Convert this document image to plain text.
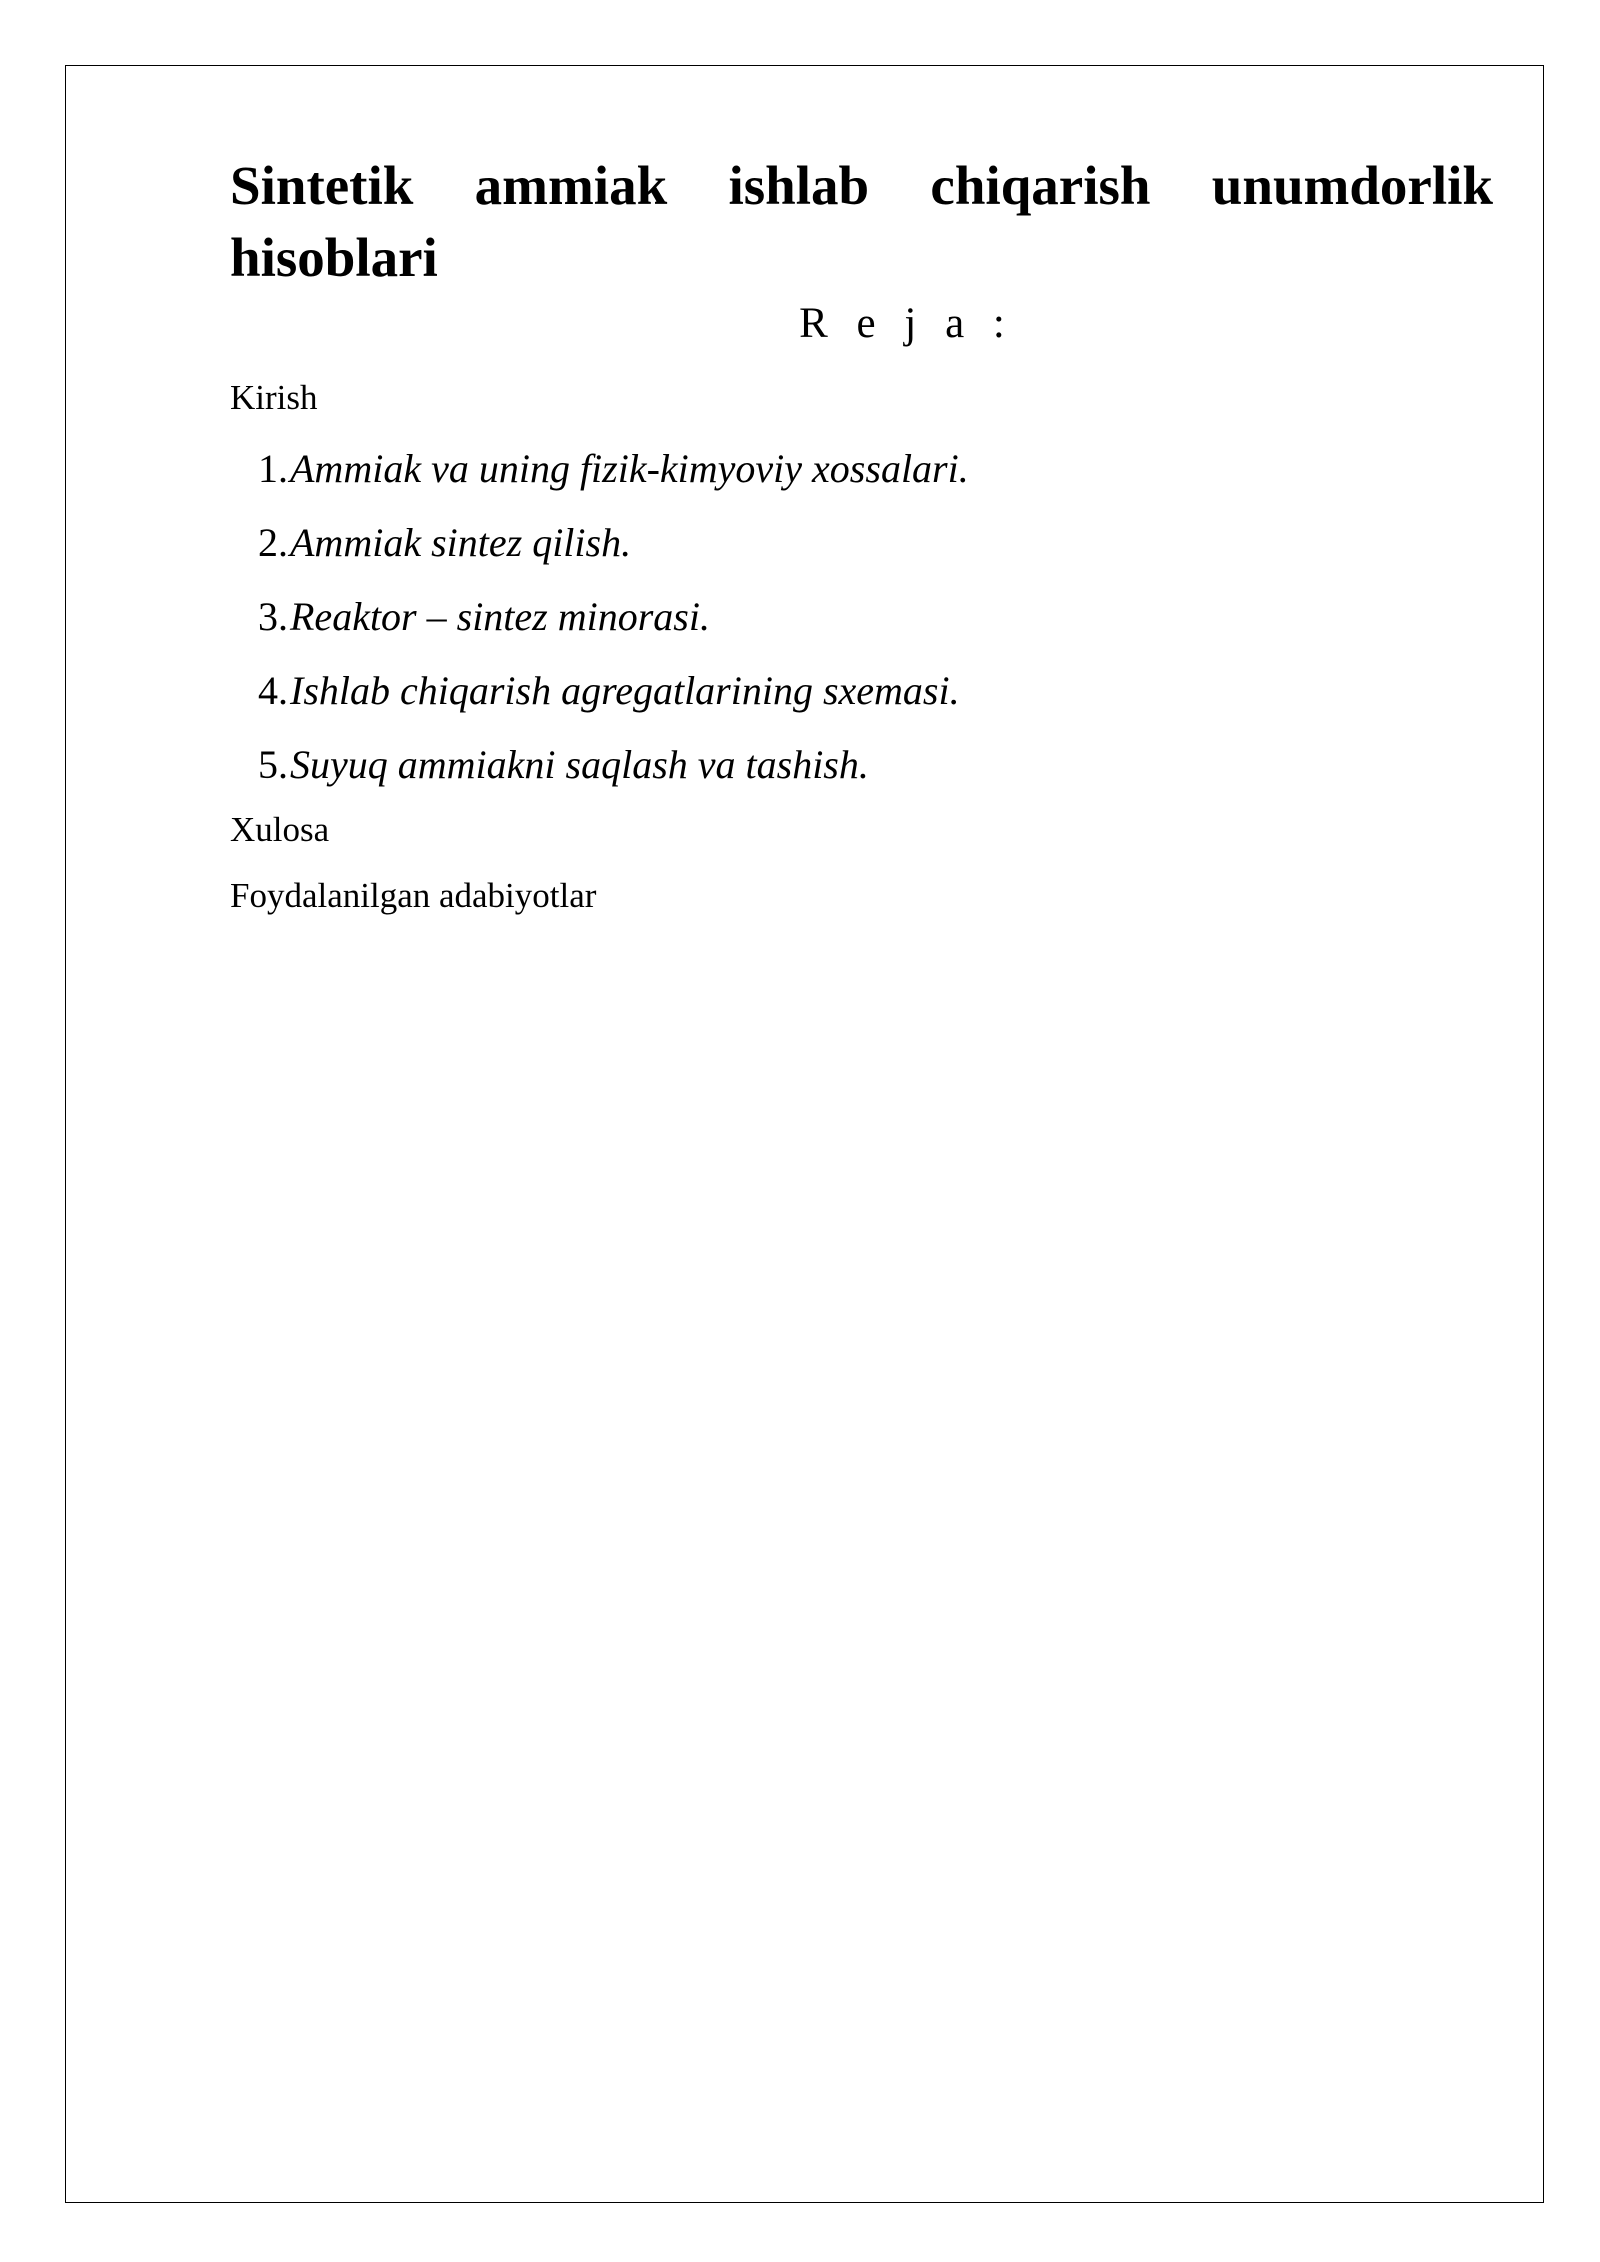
Sintetik ammiak ishlab chiqarish unumdorlik hisoblari

R e j a :

Kirish

1. Ammiak va uning fizik-kimyoviy xossalari.
2. Ammiak sintez qilish.
3. Reaktor – sintez minorasi.
4. Ishlab chiqarish agregatlarining sxemasi.
5. Suyuq ammiakni saqlash va tashish.

Xulosa

Foydalanilgan adabiyotlar
